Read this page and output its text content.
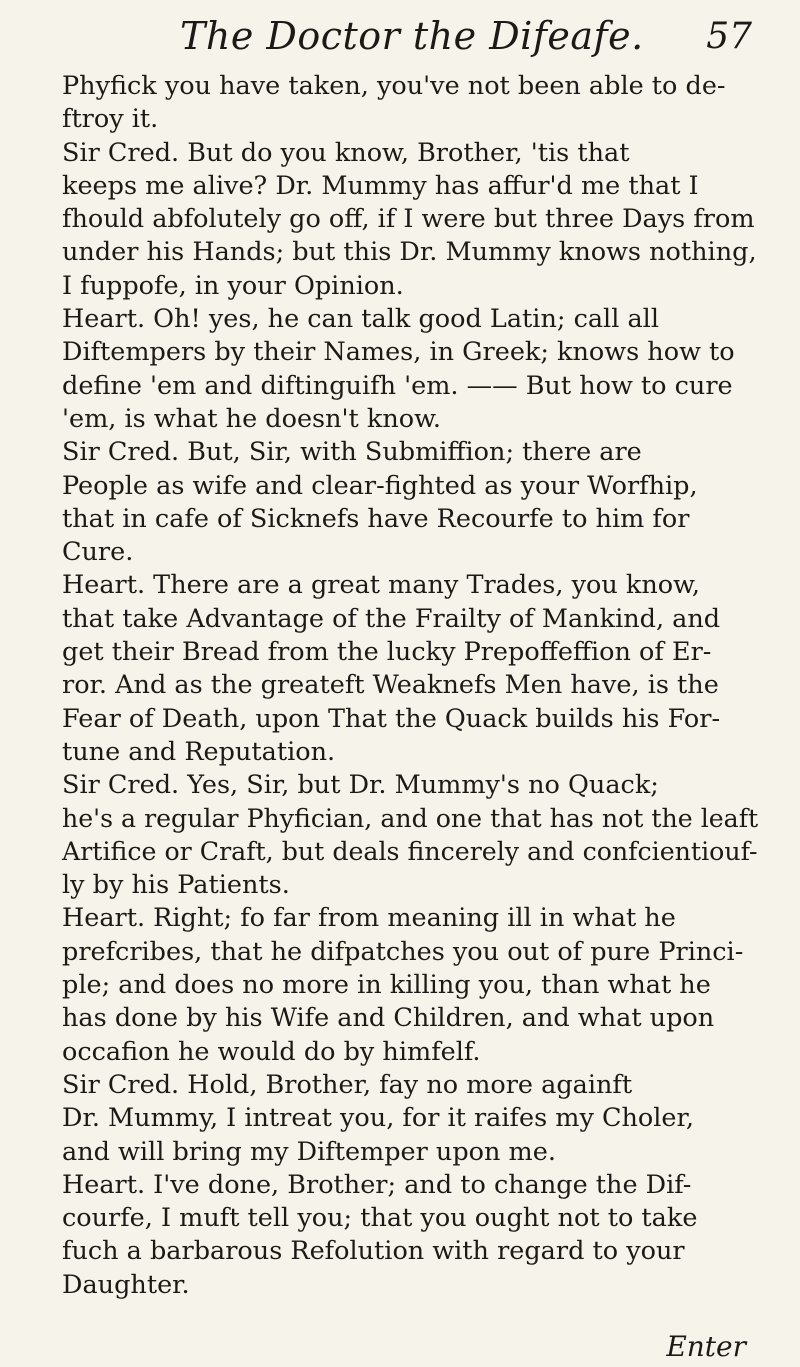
The Doctor the Difeafe. 57
Phyfick you have taken, you've not been able to de-
ftroy it.
Sir Cred. But do you know, Brother, 'tis that
keeps me alive? Dr. Mummy has affur'd me that I
fhould abfolutely go off, if I were but three Days from
under his Hands; but this Dr. Mummy knows nothing,
I fuppofe, in your Opinion.
Heart. Oh! yes, he can talk good Latin; call all
Diftempers by their Names, in Greek; knows how to
define 'em and diftinguifh 'em. —— But how to cure
'em, is what he doesn't know.
Sir Cred. But, Sir, with Submiffion; there are
People as wife and clear-fighted as your Worfhip,
that in cafe of Sicknefs have Recourfe to him for
Cure.
Heart. There are a great many Trades, you know,
that take Advantage of the Frailty of Mankind, and
get their Bread from the lucky Prepoffeffion of Er-
ror. And as the greateft Weaknefs Men have, is the
Fear of Death, upon That the Quack builds his For-
tune and Reputation.
Sir Cred. Yes, Sir, but Dr. Mummy's no Quack;
he's a regular Phyfician, and one that has not the leaft
Artifice or Craft, but deals fincerely and confcientiouf-
ly by his Patients.
Heart. Right; fo far from meaning ill in what he
prefcribes, that he difpatches you out of pure Princi-
ple; and does no more in killing you, than what he
has done by his Wife and Children, and what upon
occafion he would do by himfelf.
Sir Cred. Hold, Brother, fay no more againft
Dr. Mummy, I intreat you, for it raifes my Choler,
and will bring my Diftemper upon me.
Heart. I've done, Brother; and to change the Dif-
courfe, I muft tell you; that you ought not to take
fuch a barbarous Refolution with regard to your
Daughter.
Enter
